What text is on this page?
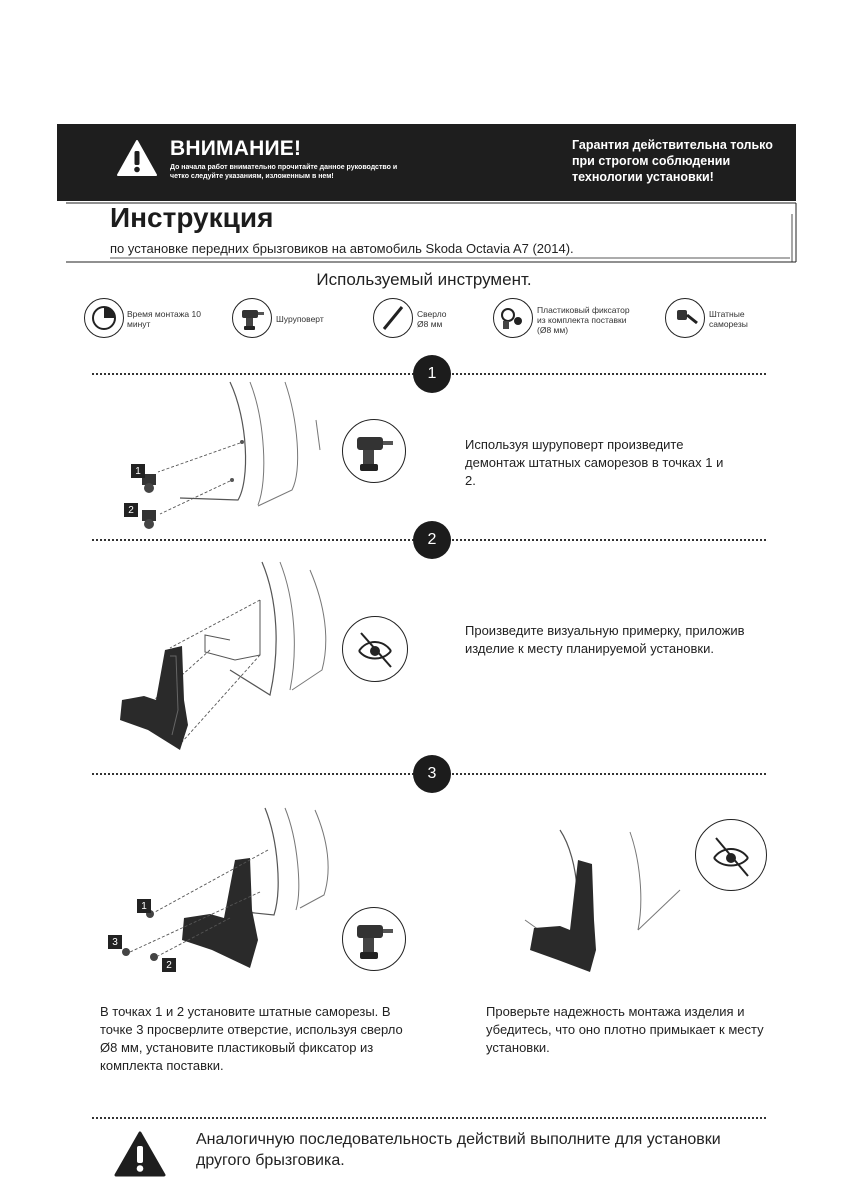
ВНИМАНИЕ!
До начала работ внимательно прочитайте данное руководство и четко следуйте указаниям, изложенным в нем!
Гарантия действительна только при строгом соблюдении технологии установки!
Инструкция
по установке передних брызговиков на автомобиль Skoda Octavia A7 (2014).
Используемый инструмент.
Время монтажа 10 минут	Шуруповерт	Сверло Ø8 мм
Пластиковый фиксатор из комплекта поставки (Ø8 мм)
Штатные саморезы
1
1
2
Используя шуруповерт произведите демонтаж штатных саморезов в точках 1 и 2.
2
Произведите визуальную примерку, приложив изделие к месту планируемой установки.
3
1
3
2
В точках 1 и 2 установите штатные саморезы. В точке 3 просверлите отверстие, используя сверло Ø8 мм, установите пластиковый фиксатор из комплекта поставки.
Проверьте надежность монтажа изделия и убедитесь, что оно плотно примыкает к месту установки.
Аналогичную последовательность действий выполните для установки другого брызговика.
